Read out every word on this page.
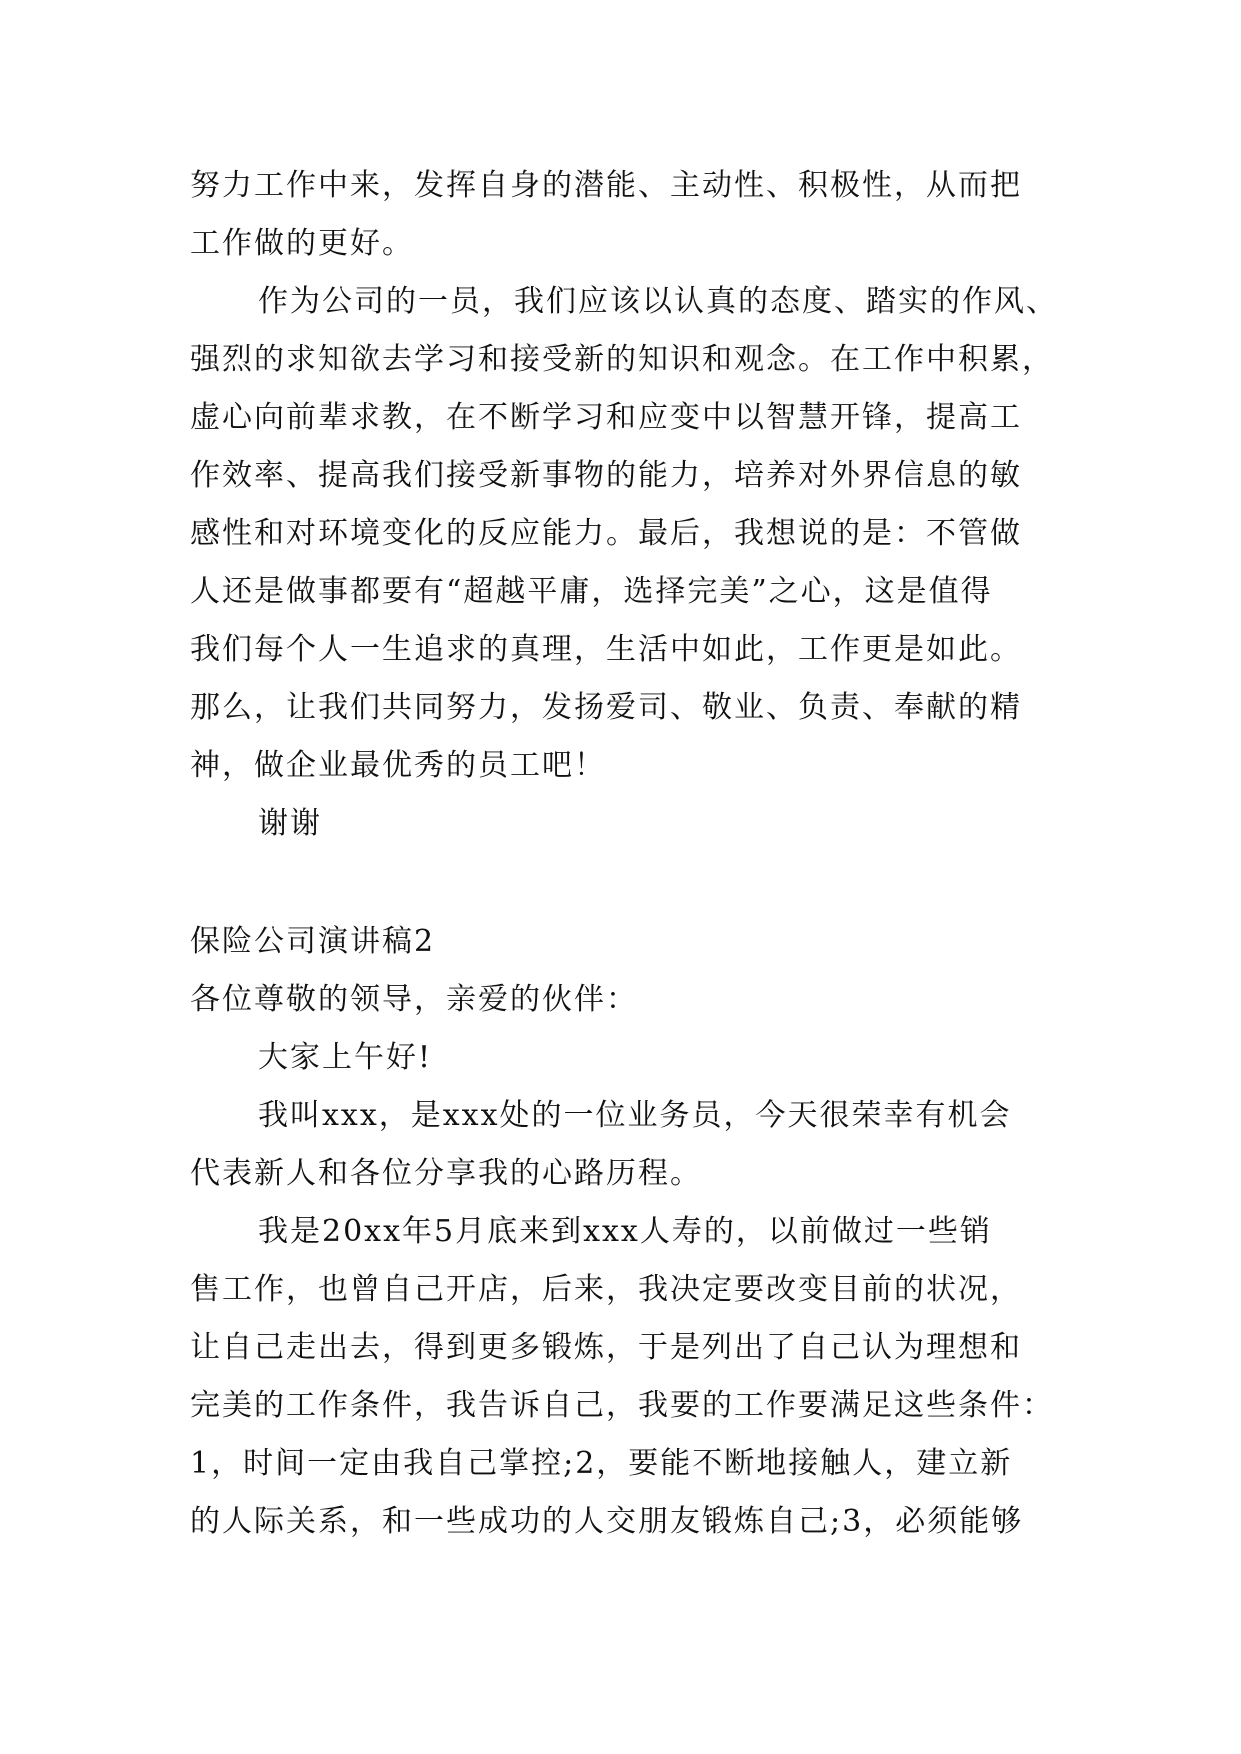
努力工作中来，发挥自身的潜能、主动性、积极性，从而把
工作做的更好。
作为公司的一员，我们应该以认真的态度、踏实的作风、
强烈的求知欲去学习和接受新的知识和观念。在工作中积累，
虚心向前辈求教，在不断学习和应变中以智慧开锋，提高工
作效率、提高我们接受新事物的能力，培养对外界信息的敏
感性和对环境变化的反应能力。最后，我想说的是：不管做
人还是做事都要有“超越平庸，选择完美”之心，这是值得
我们每个人一生追求的真理，生活中如此，工作更是如此。
那么，让我们共同努力，发扬爱司、敬业、负责、奉献的精
神，做企业最优秀的员工吧！
谢谢
保险公司演讲稿2
各位尊敬的领导，亲爱的伙伴：
大家上午好!
我叫xxx，是xxx处的一位业务员，今天很荣幸有机会
代表新人和各位分享我的心路历程。
我是20xx年5月底来到xxx人寿的，以前做过一些销
售工作，也曾自己开店，后来，我决定要改变目前的状况，
让自己走出去，得到更多锻炼，于是列出了自己认为理想和
完美的工作条件，我告诉自己，我要的工作要满足这些条件：
1，时间一定由我自己掌控;2，要能不断地接触人，建立新
的人际关系，和一些成功的人交朋友锻炼自己;3，必须能够
